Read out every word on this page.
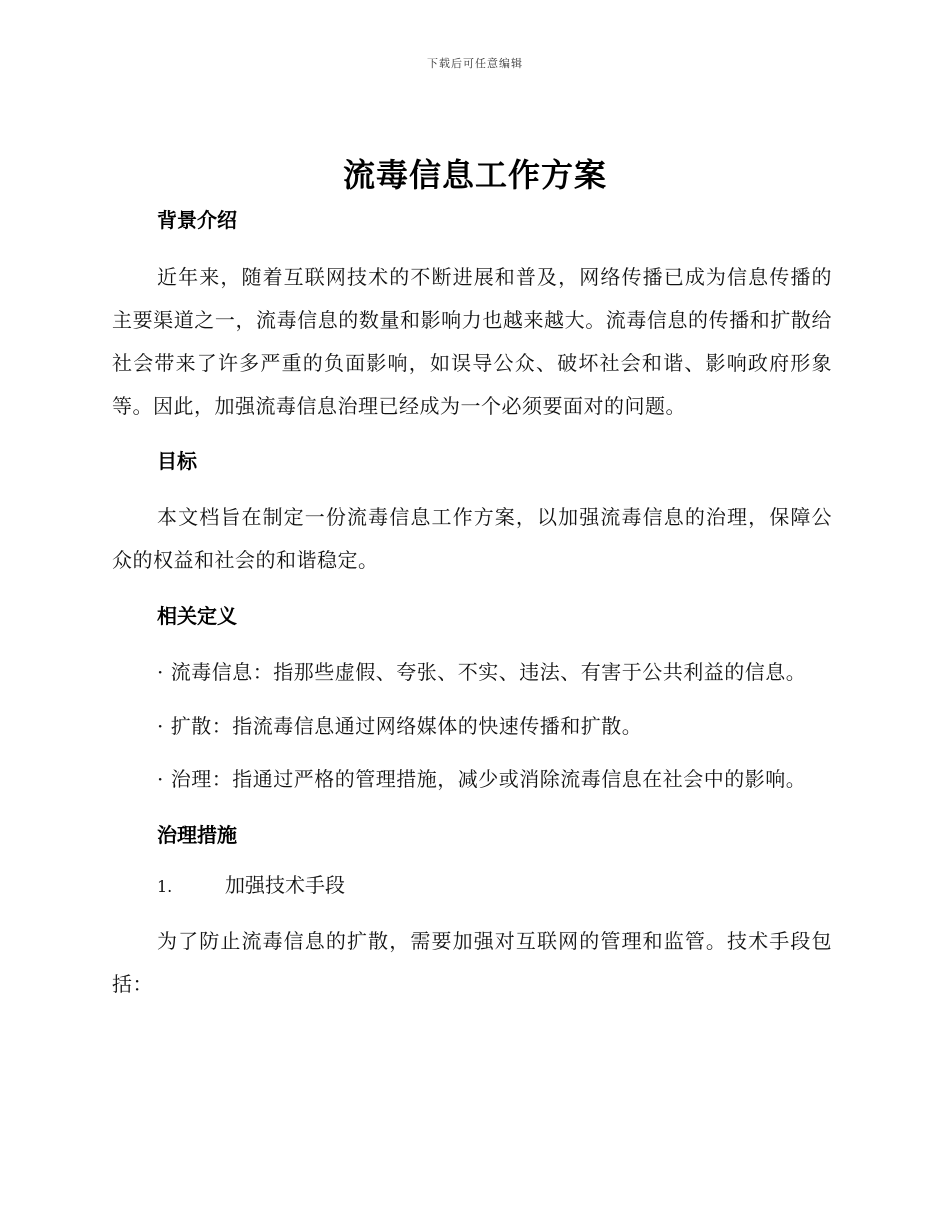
下载后可任意编辑
流毒信息工作方案
背景介绍

近年来，随着互联网技术的不断进展和普及，网络传播已成为信息传播的主要渠道之一，流毒信息的数量和影响力也越来越大。流毒信息的传播和扩散给社会带来了许多严重的负面影响，如误导公众、破坏社会和谐、影响政府形象等。因此，加强流毒信息治理已经成为一个必须要面对的问题。

目标

本文档旨在制定一份流毒信息工作方案，以加强流毒信息的治理，保障公众的权益和社会的和谐稳定。

相关定义

· 流毒信息：指那些虚假、夸张、不实、违法、有害于公共利益的信息。

· 扩散：指流毒信息通过网络媒体的快速传播和扩散。

· 治理：指通过严格的管理措施，减少或消除流毒信息在社会中的影响。

治理措施
1.	加强技术手段

为了防止流毒信息的扩散，需要加强对互联网的管理和监管。技术手段包括：
